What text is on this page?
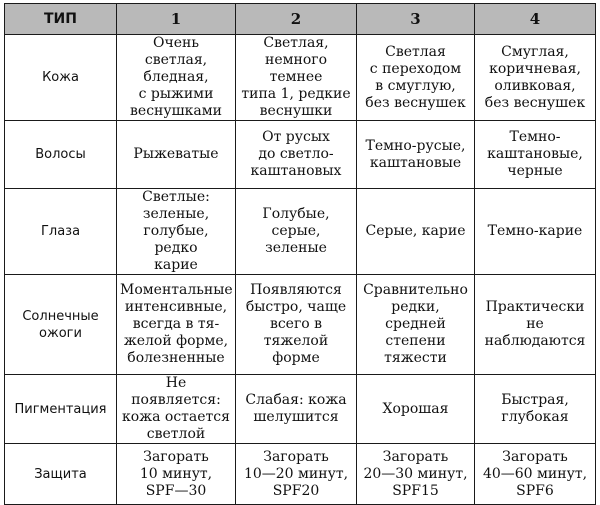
ТИП	1	2	3	4

Кожа	Очень светлая,
бледная,
с рыжими
веснушками	Светлая,
немного темнее
типа 1, редкие
веснушки	Светлая
с переходом
в смуглую,
без веснушек	Смуглая,
коричневая,
оливковая,
без веснушек

Волосы	Рыжеватые	От русых
до светло-
каштановых	Темно-русые,
каштановые	Темно-
каштановые,
черные

Глаза	Светлые:
зеленые,
голубые, редко
карие	Голубые, серые,
зеленые	Серые, карие	Темно-карие

Солнечные
ожоги	Моментальные
интенсивные,
всегда в тя-
желой форме,
болезненные	Появляются
быстро, чаще
всего в тяжелой
форме	Сравнительно
редки, средней
степени
тяжести	Практически не
наблюдаются

Пигментация	Не появляется:
кожа остается
светлой	Слабая: кожа
шелушится	Хорошая	Быстрая,
глубокая

Защита	Загорать
10 минут,
SPF—30	Загорать
10—20 минут,
SPF20	Загорать
20—30 минут,
SPF15	Загорать
40—60 минут,
SPF6
